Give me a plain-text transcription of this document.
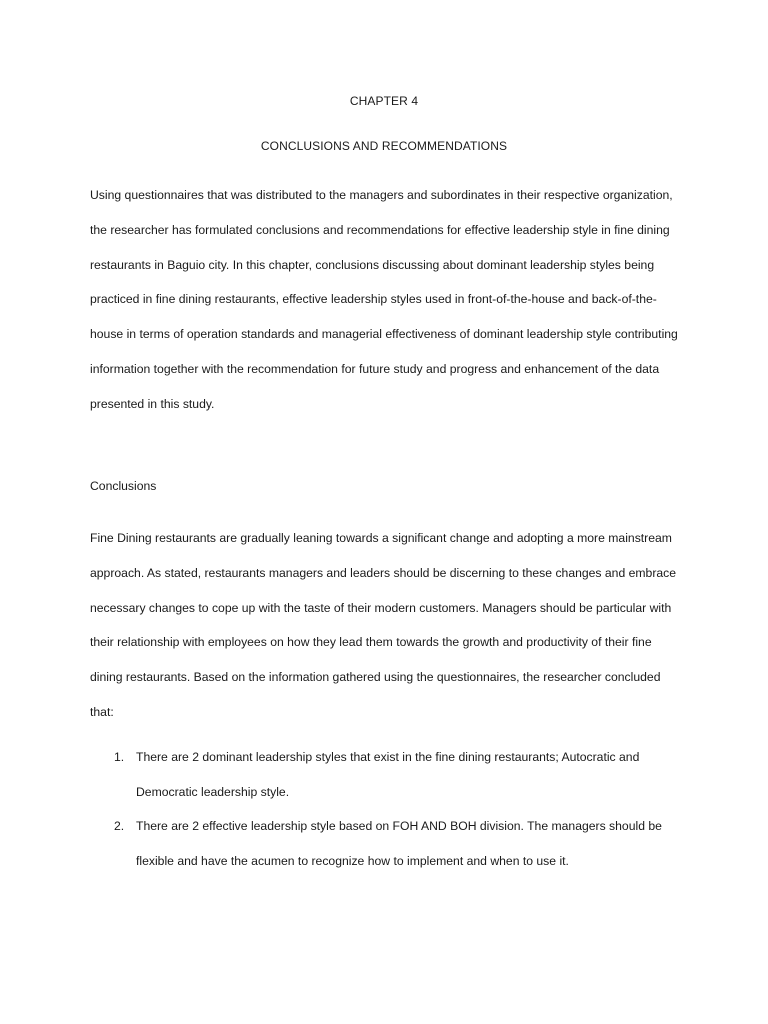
CHAPTER 4
CONCLUSIONS AND RECOMMENDATIONS

Using questionnaires that was distributed to the managers and subordinates in their respective organization, the researcher has formulated conclusions and recommendations for effective leadership style in fine dining restaurants in Baguio city. In this chapter, conclusions discussing about dominant leadership styles being practiced in fine dining restaurants, effective leadership styles used in front-of-the-house and back-of-the-house in terms of operation standards and managerial effectiveness of dominant leadership style contributing information together with the recommendation for future study and progress and enhancement of the data presented in this study.

Conclusions

Fine Dining restaurants are gradually leaning towards a significant change and adopting a more mainstream approach. As stated, restaurants managers and leaders should be discerning to these changes and embrace necessary changes to cope up with the taste of their modern customers. Managers should be particular with their relationship with employees on how they lead them towards the growth and productivity of their fine dining restaurants. Based on the information gathered using the questionnaires, the researcher concluded that:

1. There are 2 dominant leadership styles that exist in the fine dining restaurants; Autocratic and Democratic leadership style.
2. There are 2 effective leadership style based on FOH AND BOH division. The managers should be flexible and have the acumen to recognize how to implement and when to use it.
